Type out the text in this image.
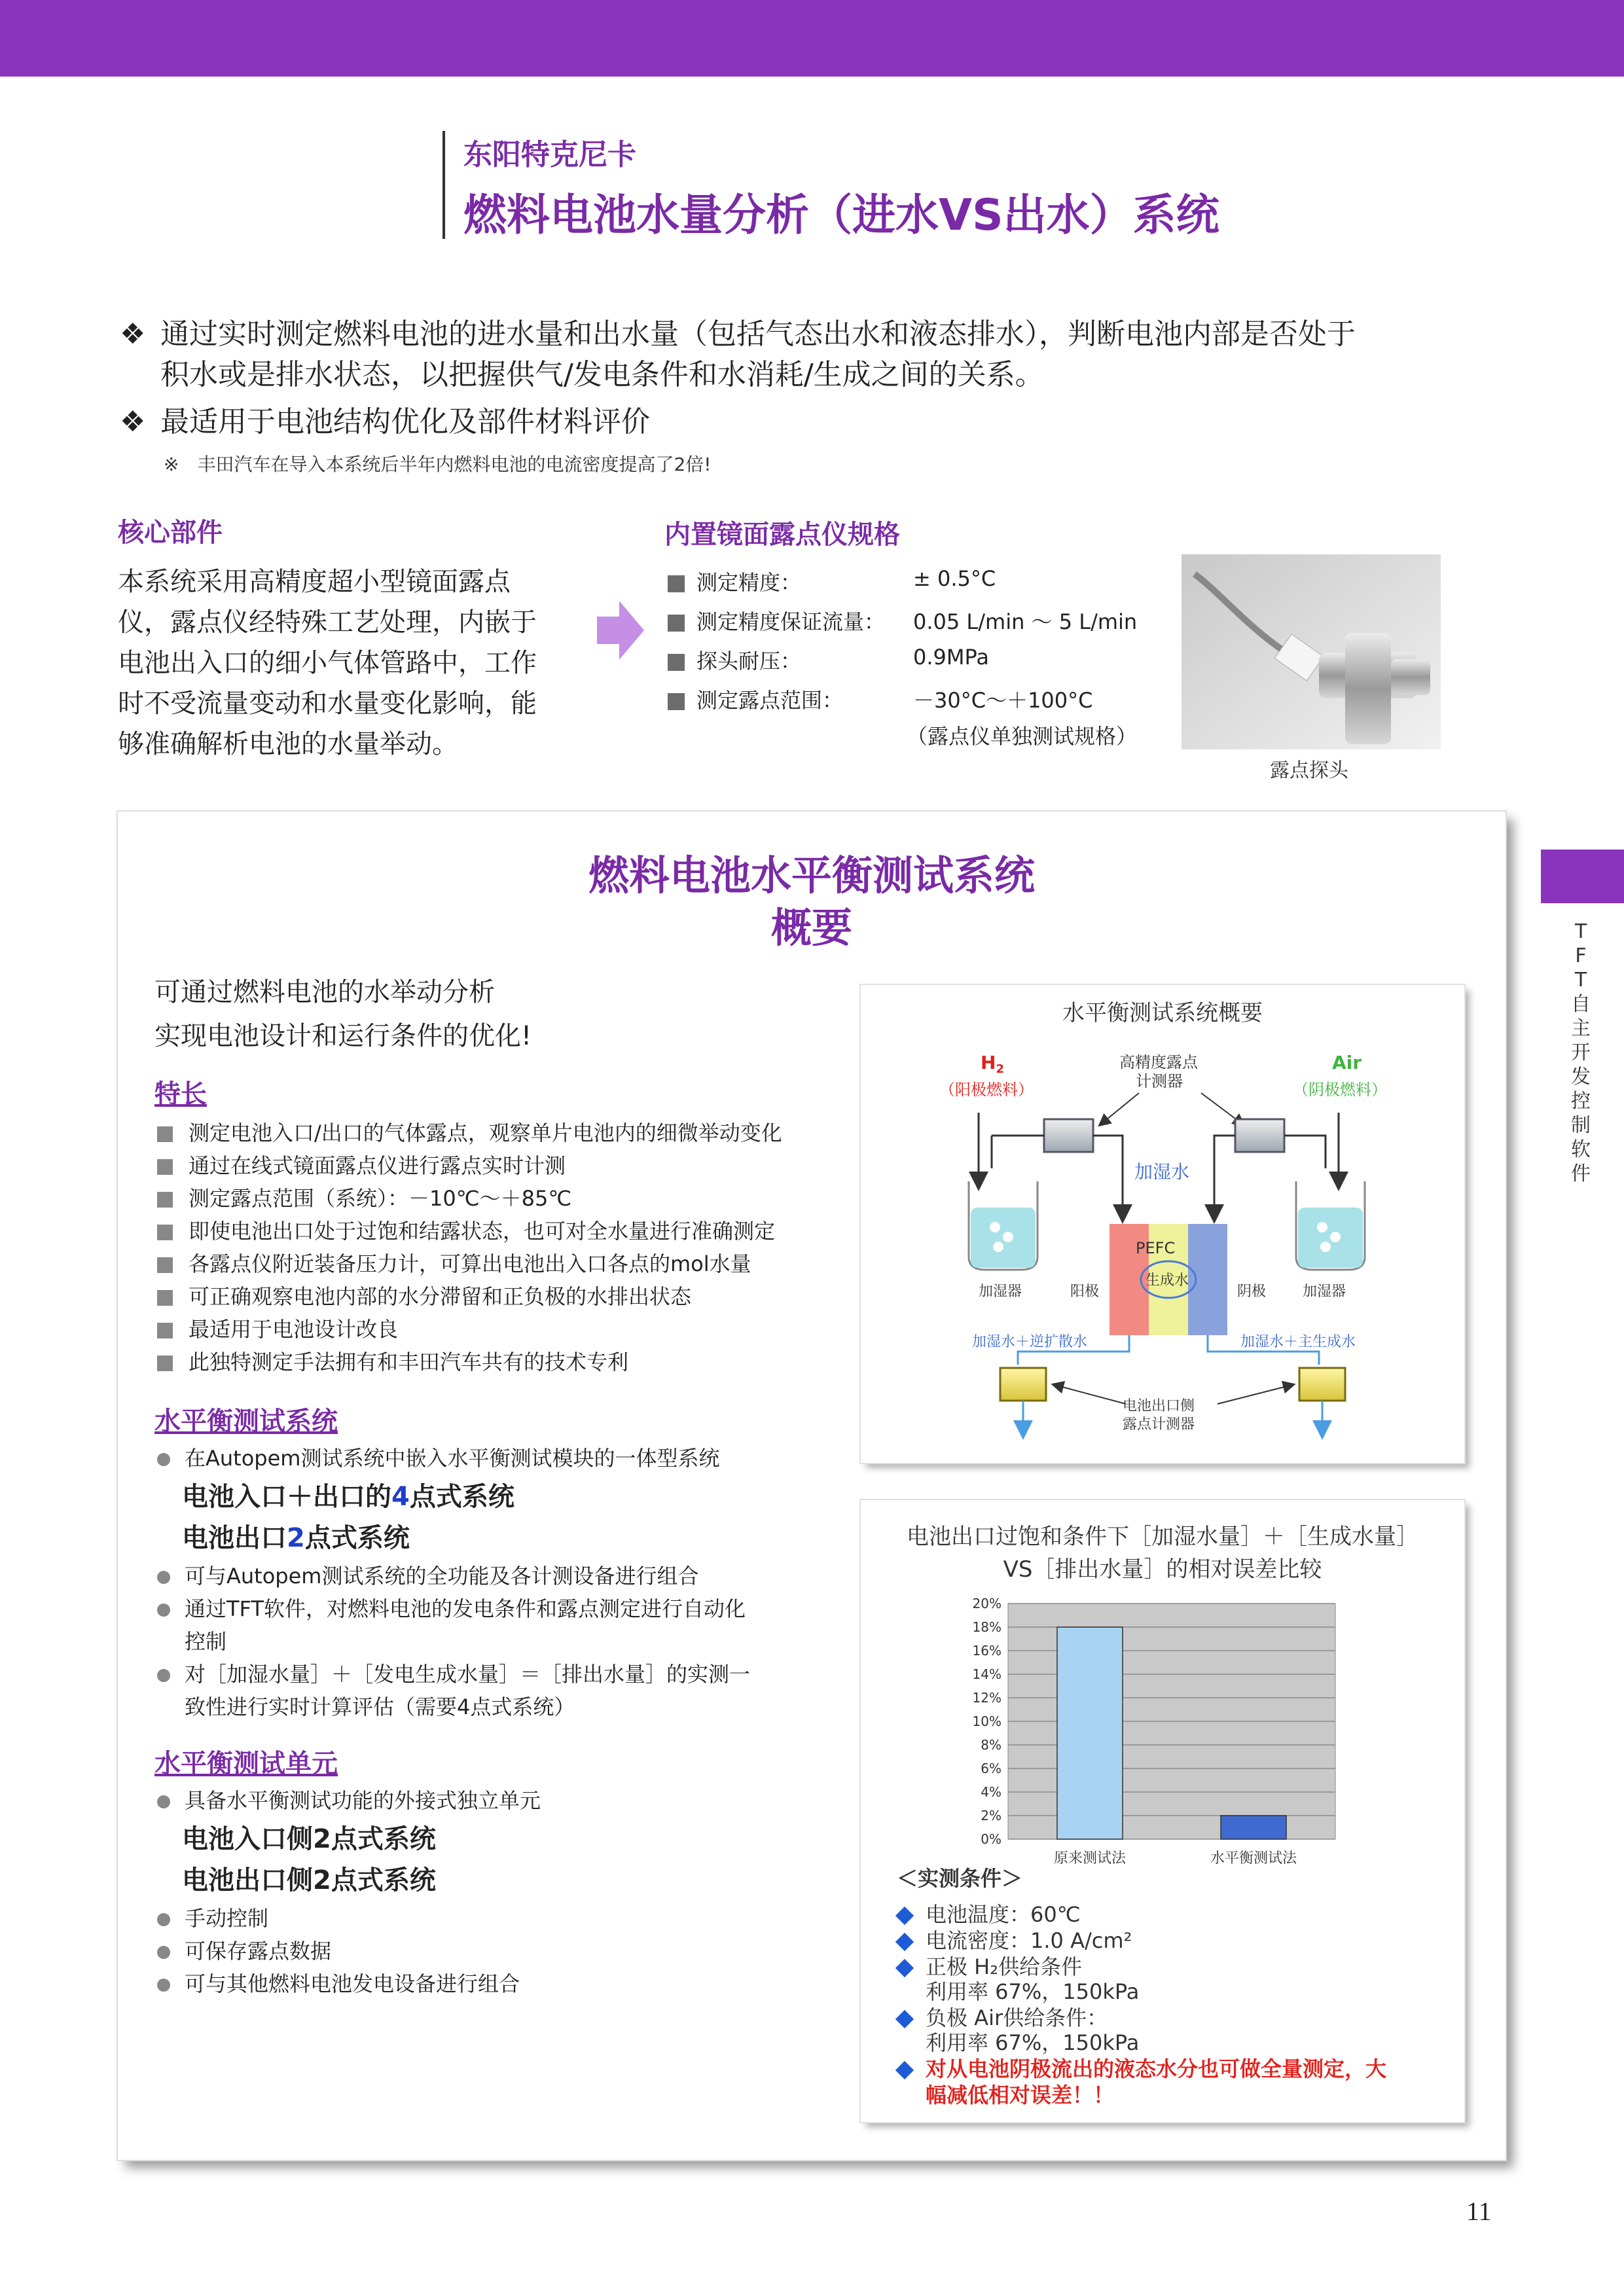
东阳特克尼卡
燃料电池水量分析（进水VS出水）系统
❖ 通过实时测定燃料电池的进水量和出水量（包括气态出水和液态排水），判断电池内部是否处于
积水或是排水状态，以把握供气/发电条件和水消耗/生成之间的关系。
❖ 最适用于电池结构优化及部件材料评价
※　丰田汽车在导入本系统后半年内燃料电池的电流密度提高了2倍!
核心部件
本系统采用高精度超小型镜面露点
仪，露点仪经特殊工艺处理，内嵌于
电池出入口的细小气体管路中，工作
时不受流量变动和水量变化影响，能
够准确解析电池的水量举动。
内置镜面露点仪规格
测定精度：	± 0.5°C
测定精度保证流量： 0.05 L/min ～ 5 L/min
探头耐压：	0.9MPa
测定露点范围：	－30°C～＋100°C
（露点仪单独测试规格）
露点探头
T
F
T
自
主
开
发
控
制
软
件
燃料电池水平衡测试系统
概要
可通过燃料电池的水举动分析
实现电池设计和运行条件的优化!
特长
测定电池入口/出口的气体露点，观察单片电池内的细微举动变化
通过在线式镜面露点仪进行露点实时计测
测定露点范围（系统）：－10℃～＋85℃
即使电池出口处于过饱和结露状态，也可对全水量进行准确测定
各露点仪附近装备压力计，可算出电池出入口各点的mol水量
可正确观察电池内部的水分滞留和正负极的水排出状态
最适用于电池设计改良
此独特测定手法拥有和丰田汽车共有的技术专利
水平衡测试系统
在Autopem测试系统中嵌入水平衡测试模块的一体型系统
电池入口＋出口的4点式系统
电池出口2点式系统
可与Autopem测试系统的全功能及各计测设备进行组合
通过TFT软件，对燃料电池的发电条件和露点测定进行自动化
控制
对［加湿水量］＋［发电生成水量］＝［排出水量］的实测一
致性进行实时计算评估（需要4点式系统）
水平衡测试单元
具备水平衡测试功能的外接式独立单元
电池入口侧2点式系统
电池出口侧2点式系统
手动控制
可保存露点数据
可与其他燃料电池发电设备进行组合
水平衡测试系统概要
$H_2$
（阳极燃料）
Air
（阴极燃料）
高精度露点
计测器
加湿水
PEFC
生成水
加湿器	阳极	阴极	加湿器
加湿水＋逆扩散水	加湿水＋主生成水
电池出口侧
露点计测器
电池出口过饱和条件下［加湿水量］＋［生成水量］
VS［排出水量］的相对误差比较
0%
2%
4%
6%
8%
10%
12%
14%
16%
18%
20%
原来测试法	水平衡测试法
＜实测条件＞
电池温度：60℃
电流密度：1.0 A/cm²
正极 H₂供给条件
利用率 67%，150kPa
负极 Air供给条件：
利用率 67%，150kPa
对从电池阴极流出的液态水分也可做全量测定，大
幅减低相对误差！！
11
